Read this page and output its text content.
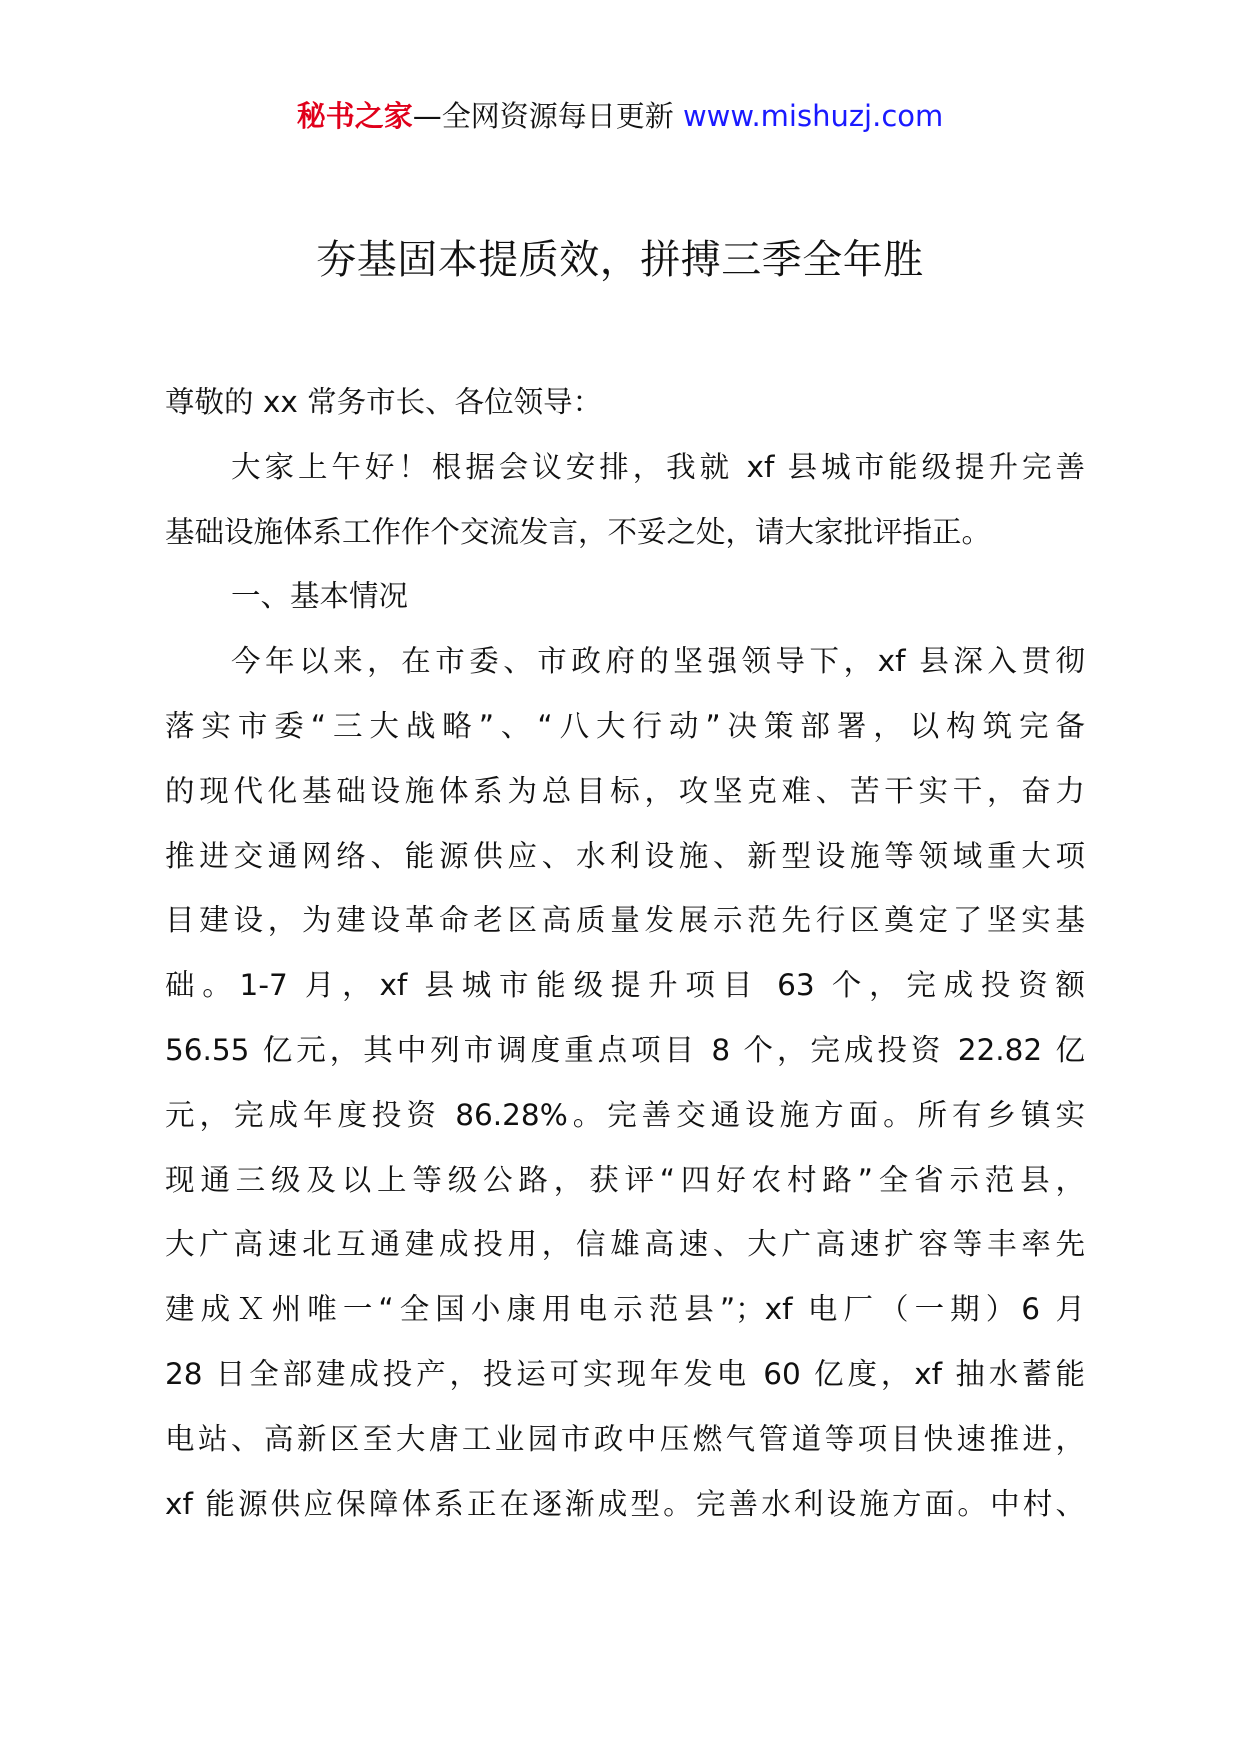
秘书之家—全网资源每日更新 www.mishuzj.com
夯基固本提质效，拼搏三季全年胜
尊敬的 xx 常务市长、各位领导：
大家上午好！根据会议安排，我就 xf 县城市能级提升完善
基础设施体系工作作个交流发言，不妥之处，请大家批评指正。
一、基本情况
今年以来，在市委、市政府的坚强领导下，xf 县深入贯彻
落实市委“三大战略”、“八大行动”决策部署，以构筑完备
的现代化基础设施体系为总目标，攻坚克难、苦干实干，奋力
推进交通网络、能源供应、水利设施、新型设施等领域重大项
目建设，为建设革命老区高质量发展示范先行区奠定了坚实基
础。1-7 月，xf 县城市能级提升项目 63 个，完成投资额
56.55 亿元，其中列市调度重点项目 8 个，完成投资 22.82 亿
元，完成年度投资 86.28%。完善交通设施方面。所有乡镇实
现通三级及以上等级公路，获评“四好农村路”全省示范县，
大广高速北互通建成投用，信雄高速、大广高速扩容等丰率先
建成Ｘ州唯一“全国小康用电示范县”；xf 电厂（一期）6 月
28 日全部建成投产，投运可实现年发电 60 亿度，xf 抽水蓄能
电站、高新区至大唐工业园市政中压燃气管道等项目快速推进，
xf 能源供应保障体系正在逐渐成型。完善水利设施方面。中村、
